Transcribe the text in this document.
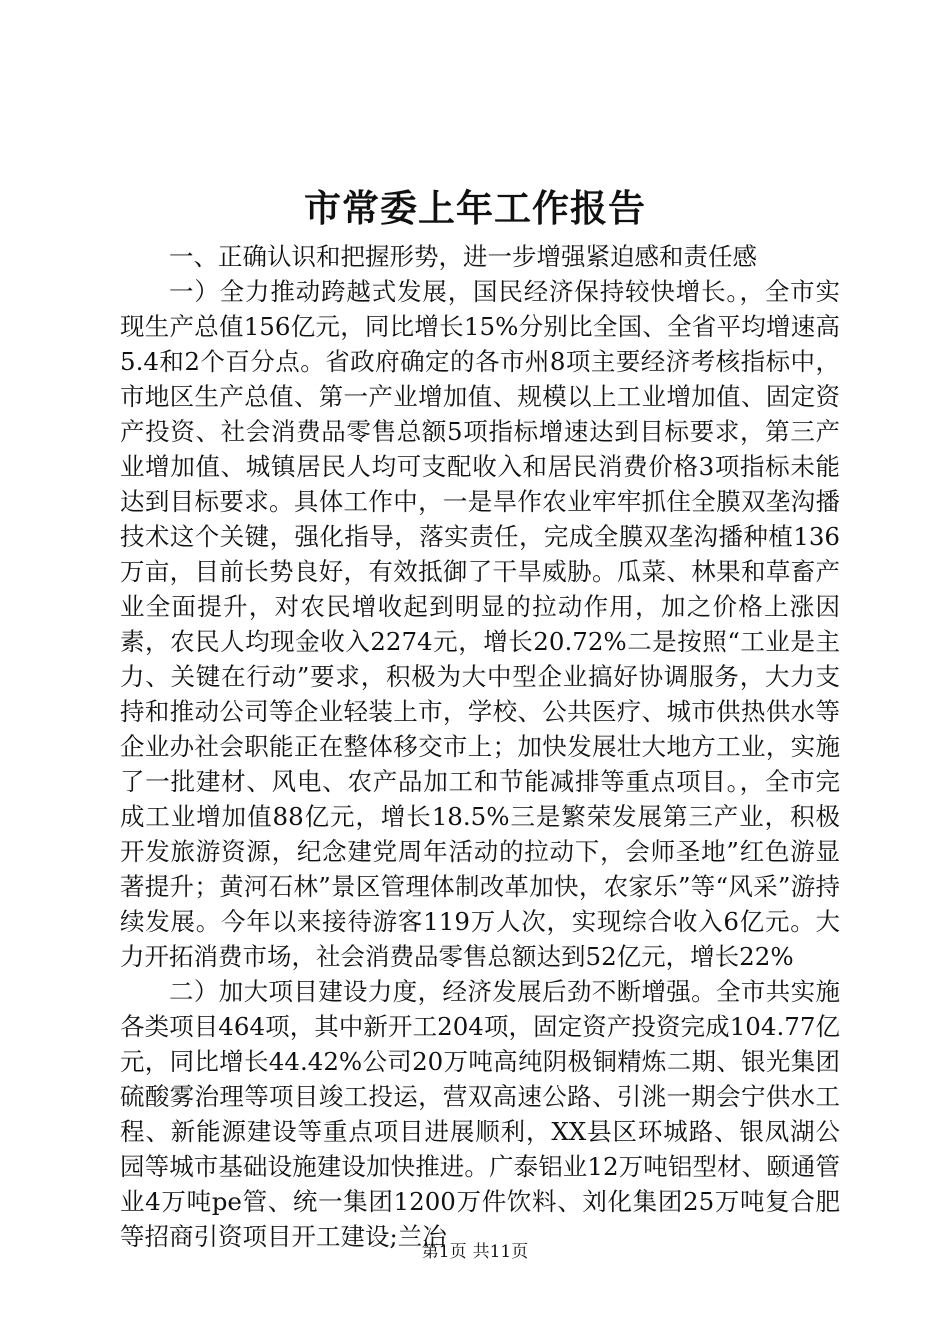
市常委上年工作报告

一、正确认识和把握形势，进一步增强紧迫感和责任感

一）全力推动跨越式发展，国民经济保持较快增长。，全市实现生产总值156亿元，同比增长15%分别比全国、全省平均增速高5.4和2个百分点。省政府确定的各市州8项主要经济考核指标中，市地区生产总值、第一产业增加值、规模以上工业增加值、固定资产投资、社会消费品零售总额5项指标增速达到目标要求，第三产业增加值、城镇居民人均可支配收入和居民消费价格3项指标未能达到目标要求。具体工作中，一是旱作农业牢牢抓住全膜双垄沟播技术这个关键，强化指导，落实责任，完成全膜双垄沟播种植136万亩，目前长势良好，有效抵御了干旱威胁。瓜菜、林果和草畜产业全面提升，对农民增收起到明显的拉动作用，加之价格上涨因素，农民人均现金收入2274元，增长20.72%二是按照“工业是主力、关键在行动”要求，积极为大中型企业搞好协调服务，大力支持和推动公司等企业轻装上市，学校、公共医疗、城市供热供水等企业办社会职能正在整体移交市上；加快发展壮大地方工业，实施了一批建材、风电、农产品加工和节能减排等重点项目。，全市完成工业增加值88亿元，增长18.5%三是繁荣发展第三产业，积极开发旅游资源，纪念建党周年活动的拉动下，会师圣地”红色游显著提升；黄河石林”景区管理体制改革加快，农家乐”等“风采”游持续发展。今年以来接待游客119万人次，实现综合收入6亿元。大力开拓消费市场，社会消费品零售总额达到52亿元，增长22%

二）加大项目建设力度，经济发展后劲不断增强。全市共实施各类项目464项，其中新开工204项，固定资产投资完成104.77亿元，同比增长44.42%公司20万吨高纯阴极铜精炼二期、银光集团硫酸雾治理等项目竣工投运，营双高速公路、引洮一期会宁供水工程、新能源建设等重点项目进展顺利，XX县区环城路、银凤湖公园等城市基础设施建设加快推进。广泰铝业12万吨铝型材、颐通管业4万吨pe管、统一集团1200万件饮料、刘化集团25万吨复合肥等招商引资项目开工建设;兰冶

第1页 共11页
